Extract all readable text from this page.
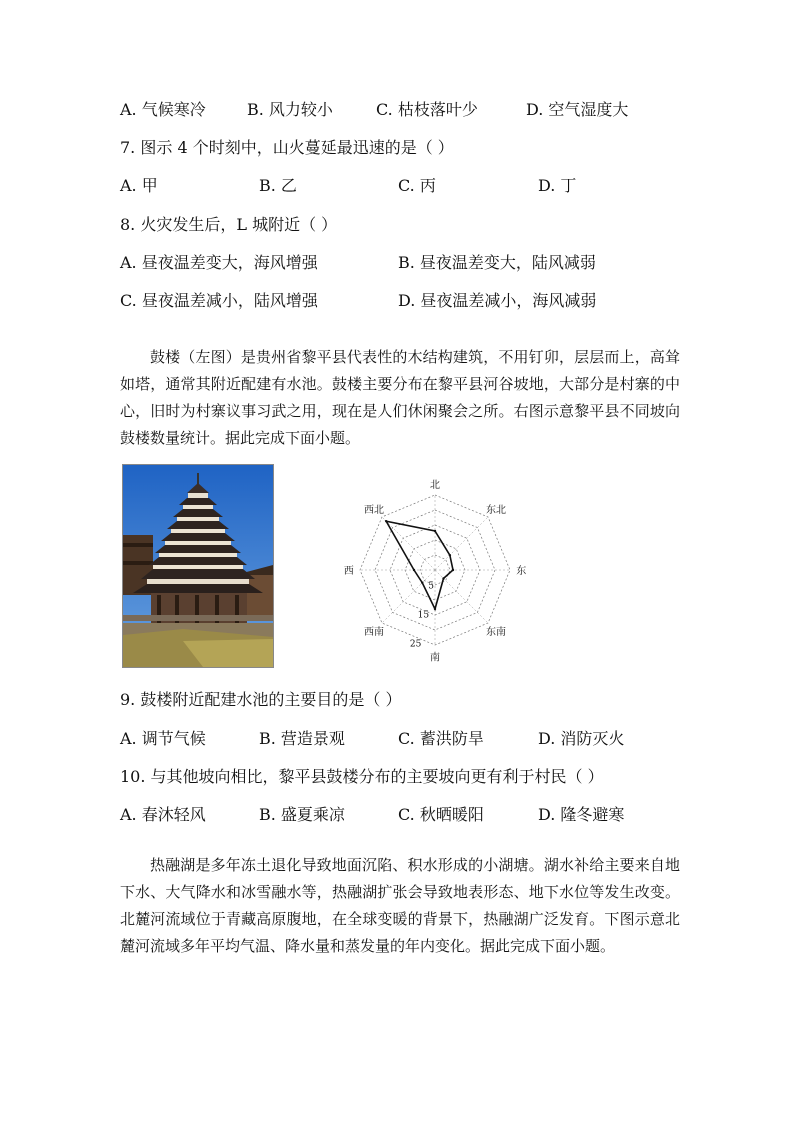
A. 气候寒冷	B. 风力较小	C. 枯枝落叶少	D. 空气湿度大
7. 图示 4 个时刻中，山火蔓延最迅速的是（ ）
A. 甲	B. 乙	C. 丙	D. 丁
8. 火灾发生后，L 城附近（ ）
A. 昼夜温差变大，海风增强	B. 昼夜温差变大，陆风减弱
C. 昼夜温差减小，陆风增强	D. 昼夜温差减小，海风减弱
鼓楼（左图）是贵州省黎平县代表性的木结构建筑，不用钉卯，层层而上，高耸如塔，通常其附近配建有水池。鼓楼主要分布在黎平县河谷坡地，大部分是村寨的中心，旧时为村寨议事习武之用，现在是人们休闲聚会之所。右图示意黎平县不同坡向鼓楼数量统计。据此完成下面小题。
北
东北
东
东南
南
西南
西
西北
5
15
25
9. 鼓楼附近配建水池的主要目的是（ ）
A. 调节气候	B. 营造景观	C. 蓄洪防旱	D. 消防灭火
10. 与其他坡向相比，黎平县鼓楼分布的主要坡向更有利于村民（ ）
A. 春沐轻风	B. 盛夏乘凉	C. 秋晒暖阳	D. 隆冬避寒
热融湖是多年冻土退化导致地面沉陷、积水形成的小湖塘。湖水补给主要来自地下水、大气降水和冰雪融水等，热融湖扩张会导致地表形态、地下水位等发生改变。北麓河流域位于青藏高原腹地，在全球变暖的背景下，热融湖广泛发育。下图示意北麓河流域多年平均气温、降水量和蒸发量的年内变化。据此完成下面小题。
